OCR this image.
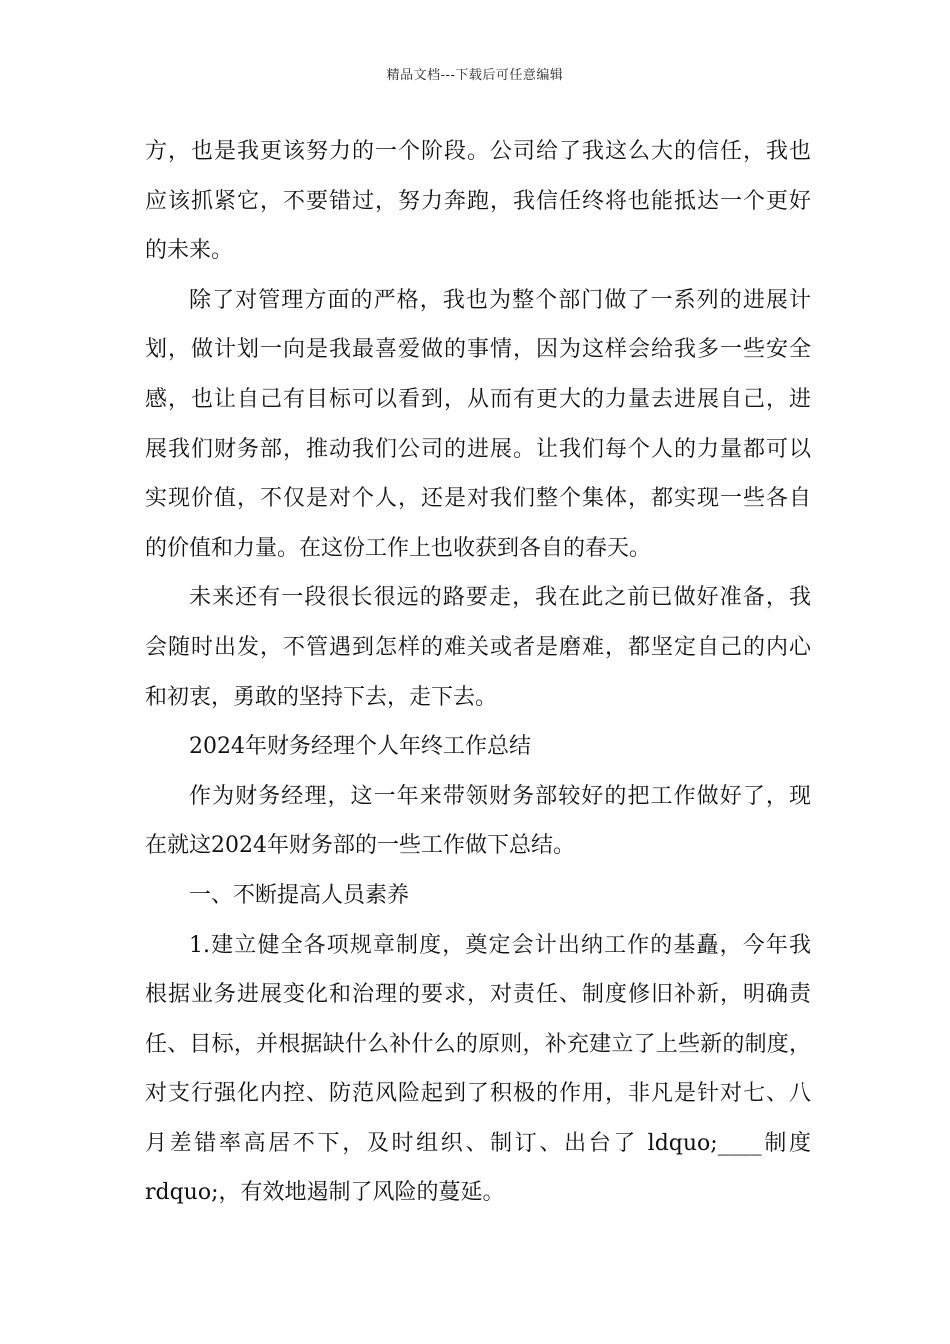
精品文档---下载后可任意编辑
方，也是我更该努力的一个阶段。公司给了我这么大的信任，我也
应该抓紧它，不要错过，努力奔跑，我信任终将也能抵达一个更好
的未来。
除了对管理方面的严格，我也为整个部门做了一系列的进展计
划，做计划一向是我最喜爱做的事情，因为这样会给我多一些安全
感，也让自己有目标可以看到，从而有更大的力量去进展自己，进
展我们财务部，推动我们公司的进展。让我们每个人的力量都可以
实现价值，不仅是对个人，还是对我们整个集体，都实现一些各自
的价值和力量。在这份工作上也收获到各自的春天。
未来还有一段很长很远的路要走，我在此之前已做好准备，我
会随时出发，不管遇到怎样的难关或者是磨难，都坚定自己的内心
和初衷，勇敢的坚持下去，走下去。
2024年财务经理个人年终工作总结
作为财务经理，这一年来带领财务部较好的把工作做好了，现
在就这2024年财务部的一些工作做下总结。
一、不断提高人员素养
1.建立健全各项规章制度，奠定会计出纳工作的基矗，今年我
根据业务进展变化和治理的要求，对责任、制度修旧补新，明确责
任、目标，并根据缺什么补什么的原则，补充建立了上些新的制度，
对支行强化内控、防范风险起到了积极的作用，非凡是针对七、八
月差错率高居不下，及时组织、制订、出台了 ldquo;____制度
rdquo;，有效地遏制了风险的蔓延。
